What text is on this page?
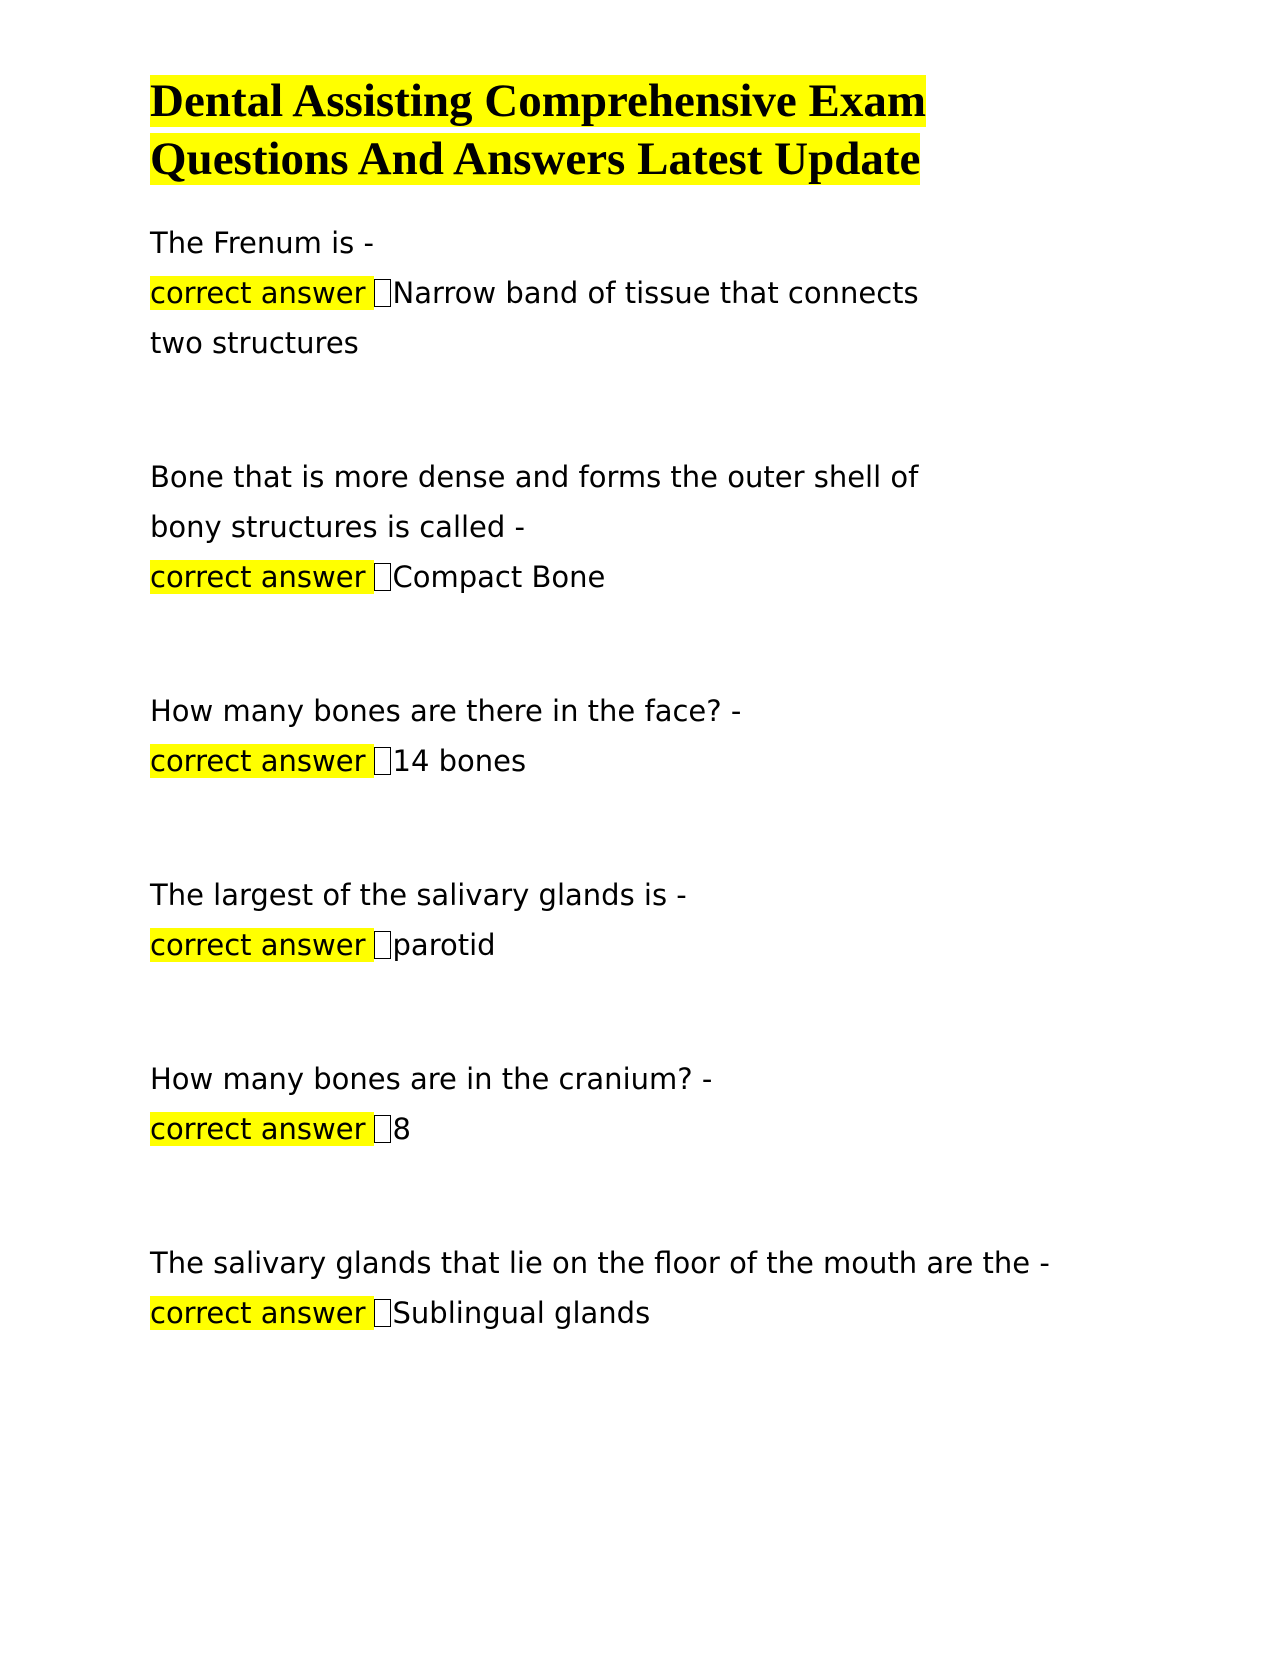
Dental Assisting Comprehensive Exam
Questions And Answers Latest Update
The Frenum is -
correct answer Narrow band of tissue that connects two structures
Bone that is more dense and forms the outer shell of bony structures is called -
correct answer Compact Bone
How many bones are there in the face? -
correct answer 14 bones
The largest of the salivary glands is -
correct answer parotid
How many bones are in the cranium? -
correct answer 8
The salivary glands that lie on the floor of the mouth are the -
correct answer Sublingual glands
